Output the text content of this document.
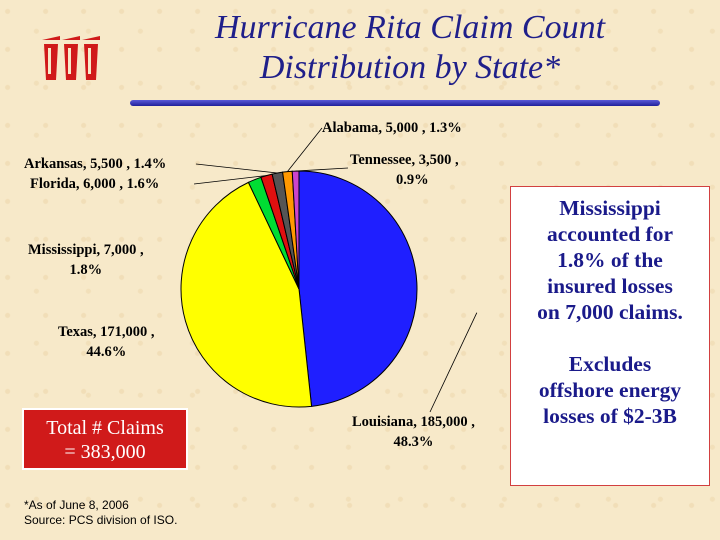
Hurricane Rita Claim Count
Distribution by State*
Alabama, 5,000 , 1.3%
Arkansas, 5,500 , 1.4%
Florida, 6,000 , 1.6%
Tennessee, 3,500 ,
0.9%
Mississippi, 7,000 ,
1.8%
Texas, 171,000 ,
44.6%
Louisiana, 185,000 ,
48.3%

Mississippi

accounted for

1.8% of the

insured losses

on 7,000 claims.

Excludes

offshore energy

losses of $2-3B

Total # Claims
= 383,000
*As of June 8, 2006
Source: PCS division of ISO.
